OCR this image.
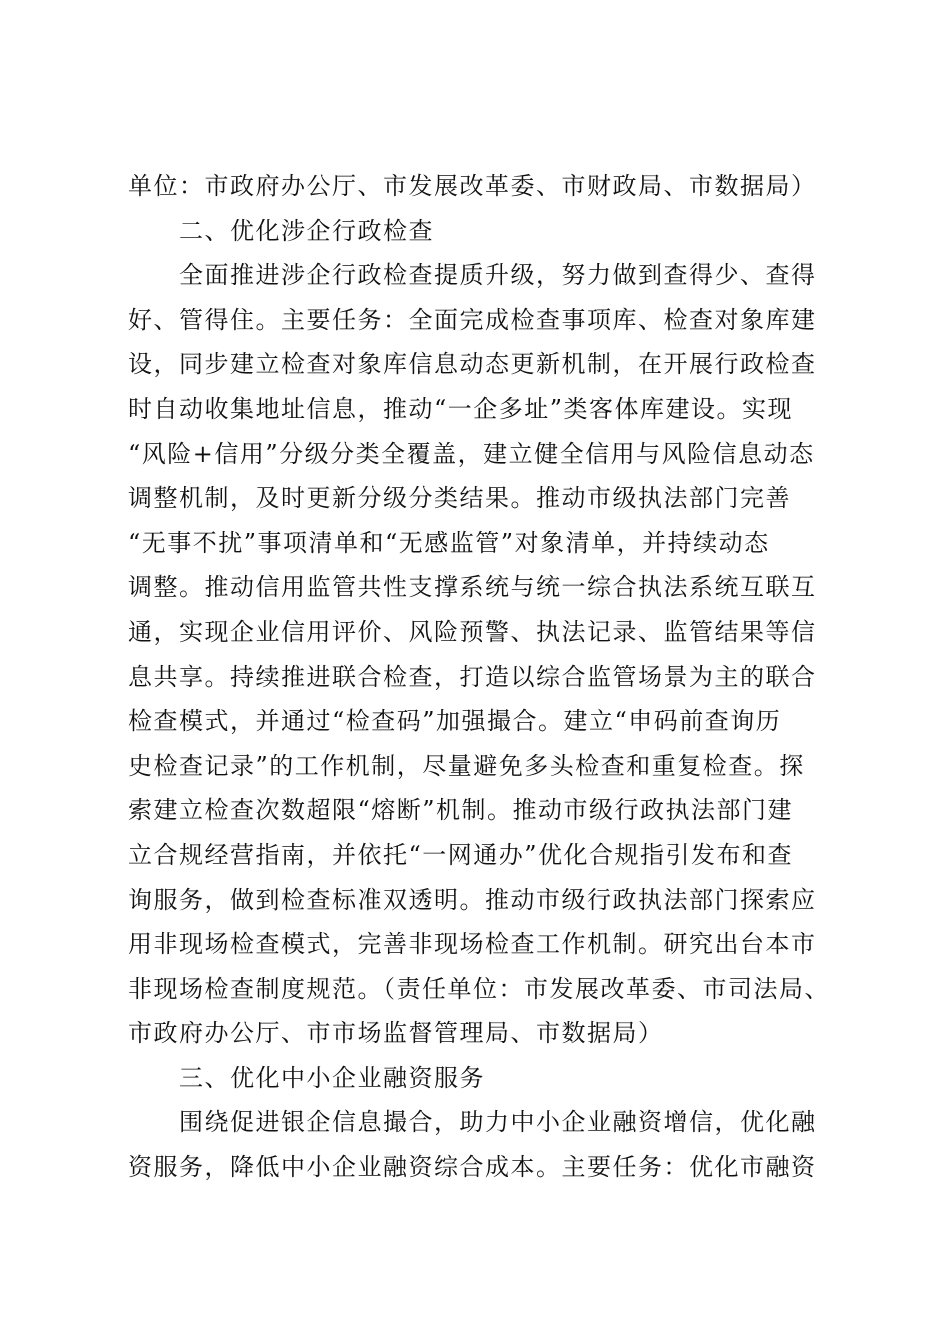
单位：市政府办公厅、市发展改革委、市财政局、市数据局）
二、优化涉企行政检查
全面推进涉企行政检查提质升级，努力做到查得少、查得
好、管得住。主要任务：全面完成检查事项库、检查对象库建
设，同步建立检查对象库信息动态更新机制，在开展行政检查
时自动收集地址信息，推动“一企多址”类客体库建设。实现
“风险+信用”分级分类全覆盖，建立健全信用与风险信息动态
调整机制，及时更新分级分类结果。推动市级执法部门完善
“无事不扰”事项清单和“无感监管”对象清单，并持续动态
调整。推动信用监管共性支撑系统与统一综合执法系统互联互
通，实现企业信用评价、风险预警、执法记录、监管结果等信
息共享。持续推进联合检查，打造以综合监管场景为主的联合
检查模式，并通过“检查码”加强撮合。建立“申码前查询历
史检查记录”的工作机制，尽量避免多头检查和重复检查。探
索建立检查次数超限“熔断”机制。推动市级行政执法部门建
立合规经营指南，并依托“一网通办”优化合规指引发布和查
询服务，做到检查标准双透明。推动市级行政执法部门探索应
用非现场检查模式，完善非现场检查工作机制。研究出台本市
非现场检查制度规范。（责任单位：市发展改革委、市司法局、
市政府办公厅、市市场监督管理局、市数据局）
三、优化中小企业融资服务
围绕促进银企信息撮合，助力中小企业融资增信，优化融
资服务，降低中小企业融资综合成本。主要任务：优化市融资
